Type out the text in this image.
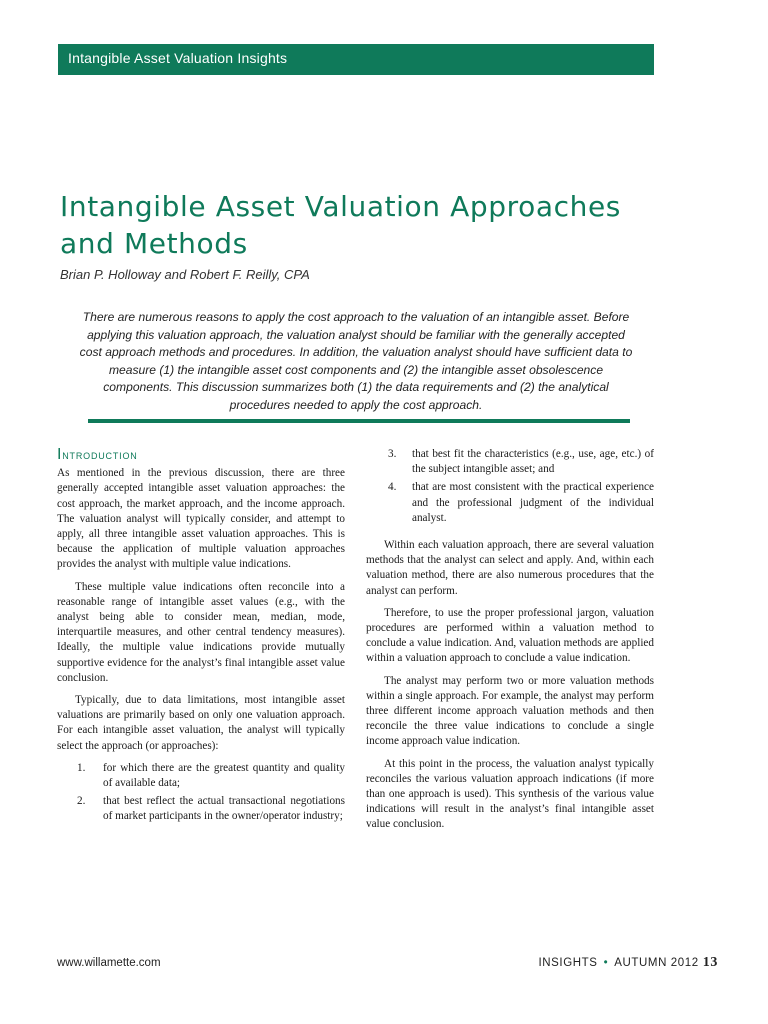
Intangible Asset Valuation Insights
Intangible Asset Valuation Approaches
and Methods

Brian P. Holloway and Robert F. Reilly, CPA

There are numerous reasons to apply the cost approach to the valuation of an intangible asset. Before applying this valuation approach, the valuation analyst should be familiar with the generally accepted cost approach methods and procedures. In addition, the valuation analyst should have sufficient data to measure (1) the intangible asset cost components and (2) the intangible asset obsolescence components. This discussion summarizes both (1) the data requirements and (2) the analytical procedures needed to apply the cost approach.

Introduction

As mentioned in the previous discussion, there are three generally accepted intangible asset valuation approaches: the cost approach, the market approach, and the income approach. The valuation analyst will typically consider, and attempt to apply, all three intangible asset valuation approaches. This is because the application of multiple valuation approaches provides the analyst with multiple value indications.

These multiple value indications often reconcile into a reasonable range of intangible asset values (e.g., with the analyst being able to consider mean, median, mode, interquartile measures, and other central tendency measures). Ideally, the multiple value indications provide mutually supportive evidence for the analyst’s final intangible asset value conclusion.

Typically, due to data limitations, most intangible asset valuations are primarily based on only one valuation approach. For each intangible asset valuation, the analyst will typically select the approach (or approaches):

1. for which there are the greatest quantity and quality of available data;
2. that best reflect the actual transactional negotiations of market participants in the owner/operator industry;
3. that best fit the characteristics (e.g., use, age, etc.) of the subject intangible asset; and
4. that are most consistent with the practical experience and the professional judgment of the individual analyst.

Within each valuation approach, there are several valuation methods that the analyst can select and apply. And, within each valuation method, there are also numerous procedures that the analyst can perform.

Therefore, to use the proper professional jargon, valuation procedures are performed within a valuation method to conclude a value indication. And, valuation methods are applied within a valuation approach to conclude a value indication.

The analyst may perform two or more valuation methods within a single approach. For example, the analyst may perform three different income approach valuation methods and then reconcile the three value indications to conclude a single income approach value indication.

At this point in the process, the valuation analyst typically reconciles the various valuation approach indications (if more than one approach is used). This synthesis of the various value indications will result in the analyst’s final intangible asset value conclusion.

www.willamette.com	INSIGHTS • AUTUMN 2012 13
